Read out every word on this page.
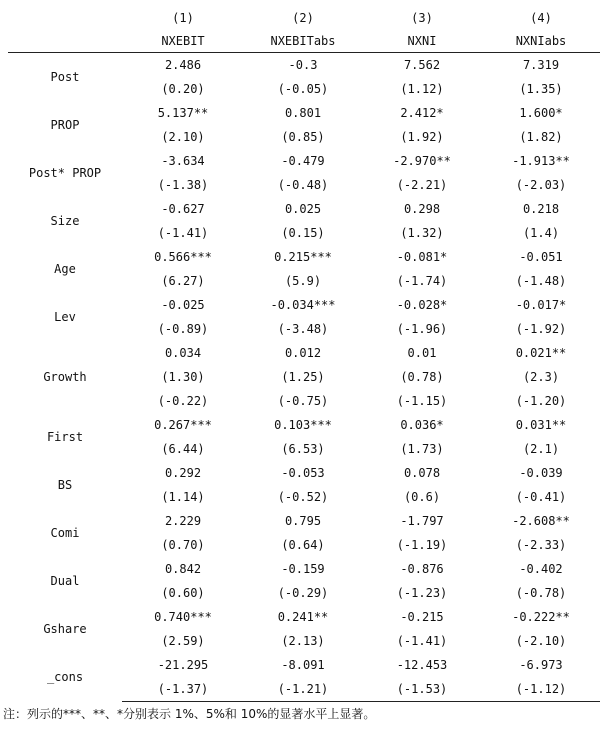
	(1)	(2)	(3)	(4)
	NXEBIT	NXEBITabs	NXNI	NXNIabs
Post	2.486	-0.3	7.562	7.319
	(0.20)	(-0.05)	(1.12)	(1.35)
PROP	5.137**	0.801	2.412*	1.600*
	(2.10)	(0.85)	(1.92)	(1.82)
Post* PROP	-3.634	-0.479	-2.970**	-1.913**
	(-1.38)	(-0.48)	(-2.21)	(-2.03)
Size	-0.627	0.025	0.298	0.218
	(-1.41)	(0.15)	(1.32)	(1.4)
Age	0.566***	0.215***	-0.081*	-0.051
	(6.27)	(5.9)	(-1.74)	(-1.48)
Lev	-0.025	-0.034***	-0.028*	-0.017*
	(-0.89)	(-3.48)	(-1.96)	(-1.92)
Growth	0.034	0.012	0.01	0.021**
	(1.30)	(1.25)	(0.78)	(2.3)
	(-0.22)	(-0.75)	(-1.15)	(-1.20)
First	0.267***	0.103***	0.036*	0.031**
	(6.44)	(6.53)	(1.73)	(2.1)
BS	0.292	-0.053	0.078	-0.039
	(1.14)	(-0.52)	(0.6)	(-0.41)
Comi	2.229	0.795	-1.797	-2.608**
	(0.70)	(0.64)	(-1.19)	(-2.33)
Dual	0.842	-0.159	-0.876	-0.402
	(0.60)	(-0.29)	(-1.23)	(-0.78)
Gshare	0.740***	0.241**	-0.215	-0.222**
	(2.59)	(2.13)	(-1.41)	(-2.10)
_cons	-21.295	-8.091	-12.453	-6.973
	(-1.37)	(-1.21)	(-1.53)	(-1.12)
注：列示的***、**、*分别表示 1%、5%和 10%的显著水平上显著。
